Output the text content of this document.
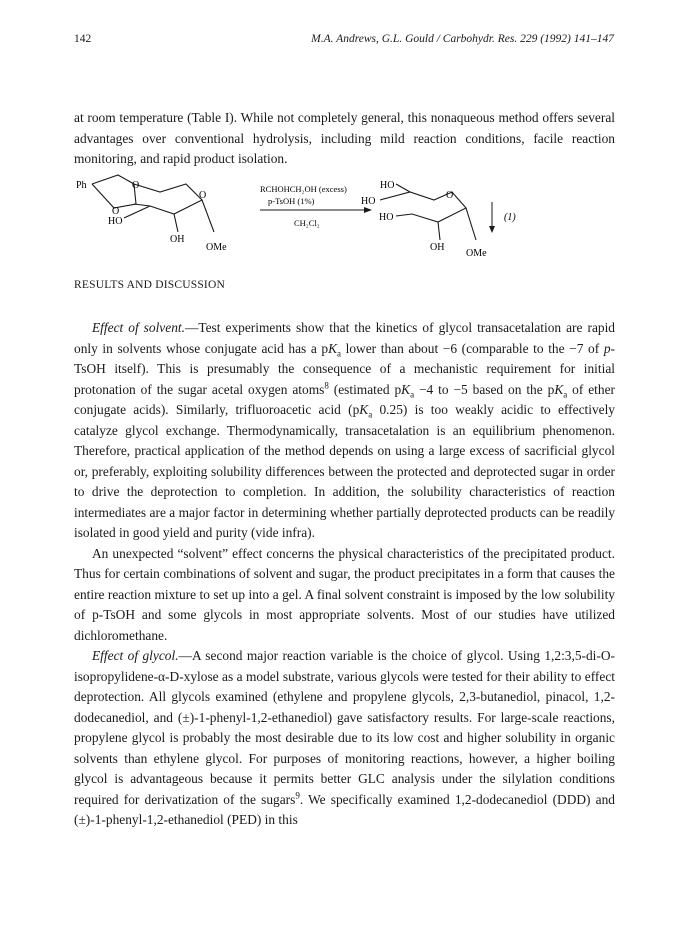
142	M.A. Andrews, G.L. Gould / Carbohydr. Res. 229 (1992) 141–147
at room temperature (Table I). While not completely general, this nonaqueous method offers several advantages over conventional hydrolysis, including mild reaction conditions, facile reaction monitoring, and rapid product isolation.
Ph	O
O
O
HO
OH
OMe
RCHOHCH₂OH (excess)
p-TsOH (1%)
CH₂Cl₂
HO
HO
HO
O
OH
OMe
(1)
RESULTS AND DISCUSSION

Effect of solvent.—Test experiments show that the kinetics of glycol transacetalation are rapid only in solvents whose conjugate acid has a $pK_a$ lower than about −6 (comparable to the −7 of p-TsOH itself). This is presumably the consequence of a mechanistic requirement for initial protonation of the sugar acetal oxygen atoms$^8$ (estimated $pK_a -4$ to −5 based on the $pK_a$ of ether conjugate acids). Similarly, trifluoroacetic acid ($pK_a$ 0.25) is too weakly acidic to effectively catalyze glycol exchange. Thermodynamically, transacetalation is an equilibrium phenomenon. Therefore, practical application of the method depends on using a large excess of sacrificial glycol or, preferably, exploiting solubility differences between the protected and deprotected sugar in order to drive the deprotection to completion. In addition, the solubility characteristics of reaction intermediates are a major factor in determining whether partially deprotected products can be readily isolated in good yield and purity (vide infra).

An unexpected “solvent” effect concerns the physical characteristics of the precipitated product. Thus for certain combinations of solvent and sugar, the product precipitates in a form that causes the entire reaction mixture to set up into a gel. A final solvent constraint is imposed by the low solubility of p-TsOH and some glycols in most appropriate solvents. Most of our studies have utilized dichloromethane.

Effect of glycol.—A second major reaction variable is the choice of glycol. Using 1,2:3,5-di-O-isopropylidene-α-D-xylose as a model substrate, various glycols were tested for their ability to effect deprotection. All glycols examined (ethylene and propylene glycols, 2,3-butanediol, pinacol, 1,2-dodecanediol, and (±)-1-phenyl-1,2-ethanediol) gave satisfactory results. For large-scale reactions, propylene glycol is probably the most desirable due to its low cost and higher solubility in organic solvents than ethylene glycol. For purposes of monitoring reactions, however, a higher boiling glycol is advantageous because it permits better GLC analysis under the silylation conditions required for derivatization of the sugars$^9$. We specifically examined 1,2-dodecanediol (DDD) and (±)-1-phenyl-1,2-ethanediol (PED) in this
